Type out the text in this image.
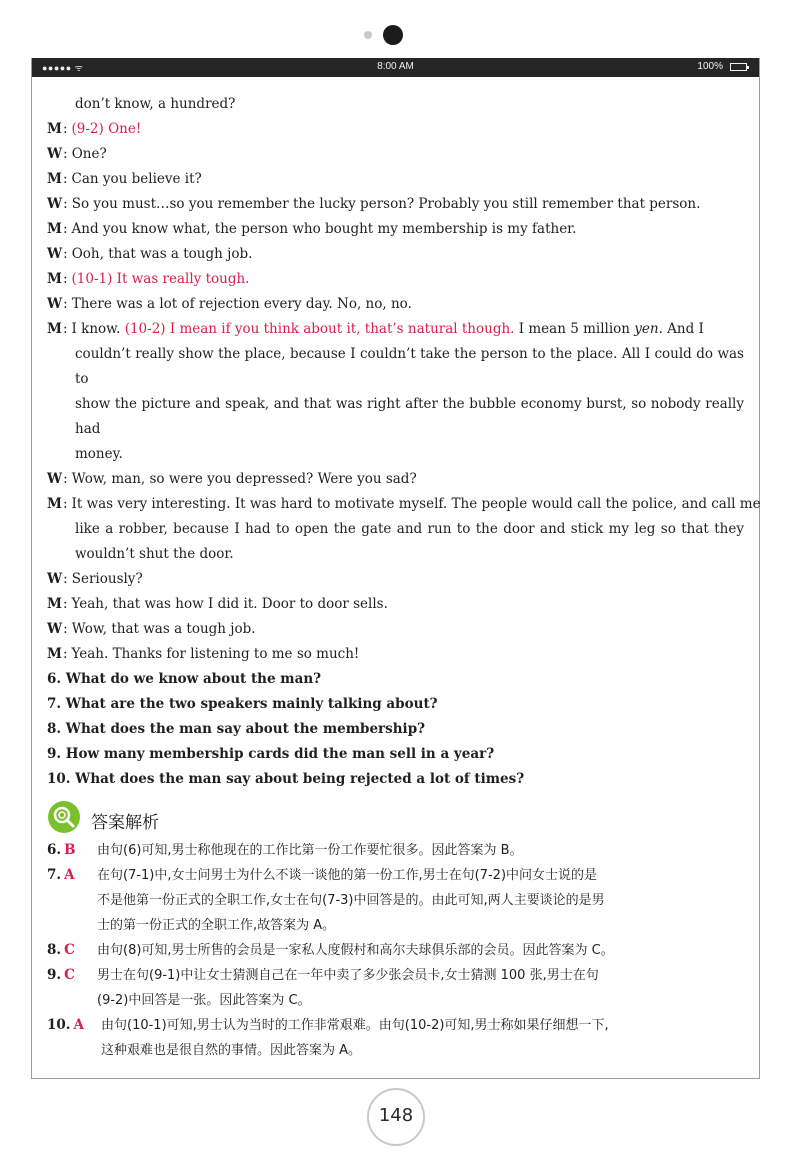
●●●●● ᯤ	8:00 AM	100%
don’t know, a hundred?
M: (9-2) One!
W: One?
M: Can you believe it?
W: So you must…so you remember the lucky person? Probably you still remember that person.
M: And you know what, the person who bought my membership is my father.
W: Ooh, that was a tough job.
M: (10-1) It was really tough.
W: There was a lot of rejection every day. No, no, no.
M: I know. (10-2) I mean if you think about it, that’s natural though. I mean 5 million yen. And I
couldn’t really show the place, because I couldn’t take the person to the place. All I could do was to
show the picture and speak, and that was right after the bubble economy burst, so nobody really had
money.
W: Wow, man, so were you depressed? Were you sad?
M: It was very interesting. It was hard to motivate myself. The people would call the police, and call me
like a robber, because I had to open the gate and run to the door and stick my leg so that they
wouldn’t shut the door.
W: Seriously?
M: Yeah, that was how I did it. Door to door sells.
W: Wow, that was a tough job.
M: Yeah. Thanks for listening to me so much!
6. What do we know about the man?
7. What are the two speakers mainly talking about?
8. What does the man say about the membership?
9. How many membership cards did the man sell in a year?
10. What does the man say about being rejected a lot of times?
答案解析
6. B	由句(6)可知,男士称他现在的工作比第一份工作要忙很多。因此答案为 B。
7. A	在句(7-1)中,女士问男士为什么不谈一谈他的第一份工作,男士在句(7-2)中问女士说的是
不是他第一份正式的全职工作,女士在句(7-3)中回答是的。由此可知,两人主要谈论的是男
士的第一份正式的全职工作,故答案为 A。
8. C	由句(8)可知,男士所售的会员是一家私人度假村和高尔夫球俱乐部的会员。因此答案为 C。
9. C	男士在句(9-1)中让女士猜测自己在一年中卖了多少张会员卡,女士猜测 100 张,男士在句
(9-2)中回答是一张。因此答案为 C。
10. A	由句(10-1)可知,男士认为当时的工作非常艰难。由句(10-2)可知,男士称如果仔细想一下,
这种艰难也是很自然的事情。因此答案为 A。
148
